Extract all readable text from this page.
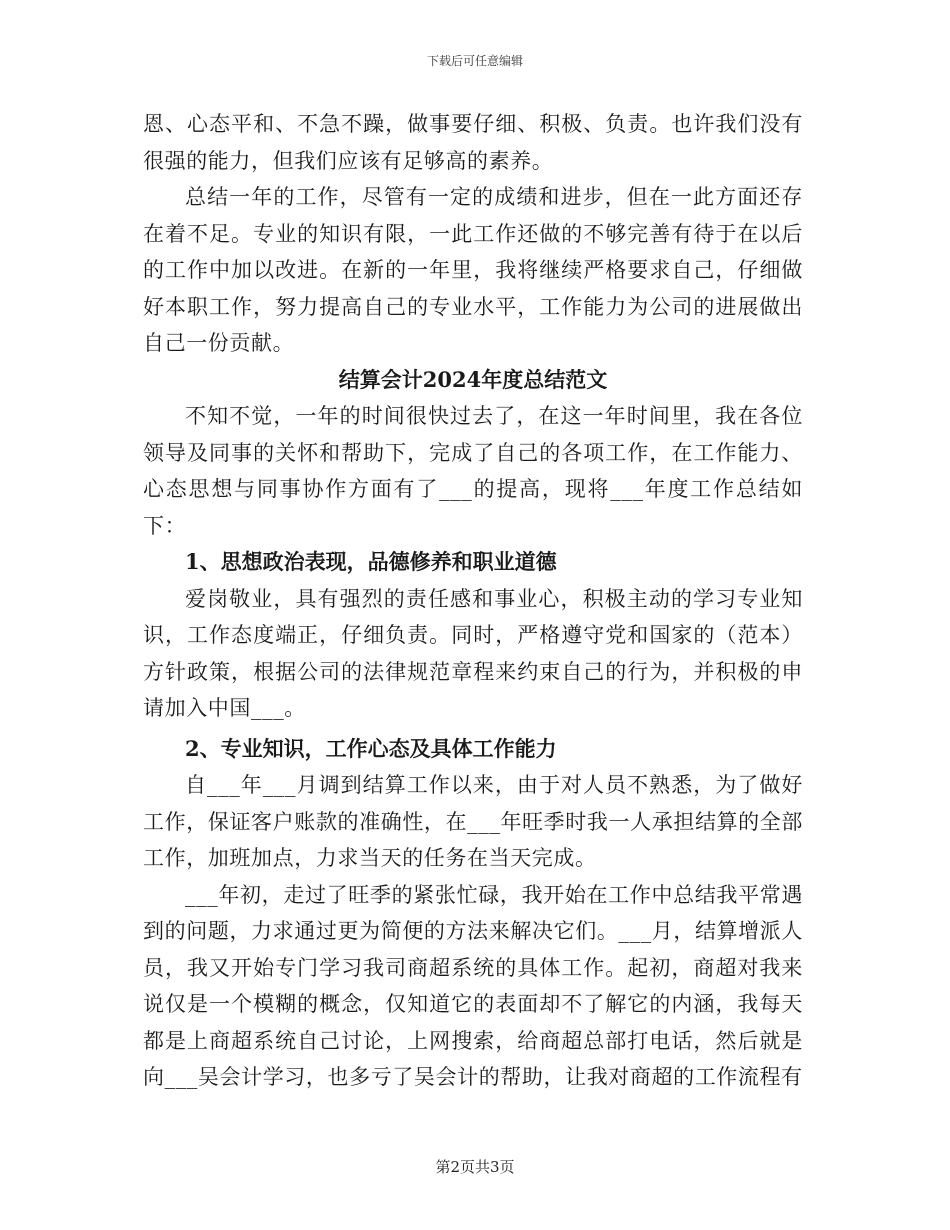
下载后可任意编辑

恩、心态平和、不急不躁，做事要仔细、积极、负责。也许我们没有很强的能力，但我们应该有足够高的素养。

总结一年的工作，尽管有一定的成绩和进步，但在一此方面还存在着不足。专业的知识有限，一此工作还做的不够完善有待于在以后的工作中加以改进。在新的一年里，我将继续严格要求自己，仔细做好本职工作，努力提高自己的专业水平，工作能力为公司的进展做出自己一份贡献。

结算会计2024年度总结范文

不知不觉，一年的时间很快过去了，在这一年时间里，我在各位领导及同事的关怀和帮助下，完成了自己的各项工作，在工作能力、心态思想与同事协作方面有了___的提高，现将___年度工作总结如下：

1、思想政治表现，品德修养和职业道德

爱岗敬业，具有强烈的责任感和事业心，积极主动的学习专业知识，工作态度端正，仔细负责。同时，严格遵守党和国家的（范本）方针政策，根据公司的法律规范章程来约束自己的行为，并积极的申请加入中国___。

2、专业知识，工作心态及具体工作能力

自___年___月调到结算工作以来，由于对人员不熟悉，为了做好工作，保证客户账款的准确性，在___年旺季时我一人承担结算的全部工作，加班加点，力求当天的任务在当天完成。

___年初，走过了旺季的紧张忙碌，我开始在工作中总结我平常遇到的问题，力求通过更为简便的方法来解决它们。___月，结算增派人员，我又开始专门学习我司商超系统的具体工作。起初，商超对我来说仅是一个模糊的概念，仅知道它的表面却不了解它的内涵，我每天都是上商超系统自己讨论，上网搜索，给商超总部打电话，然后就是向___吴会计学习，也多亏了吴会计的帮助，让我对商超的工作流程有

第2页共3页
